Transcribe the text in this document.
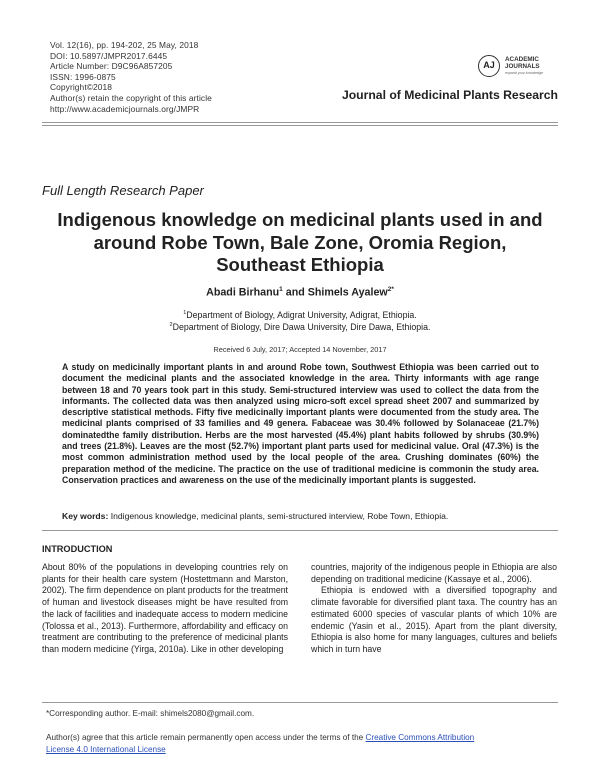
Vol. 12(16), pp. 194-202, 25 May, 2018
DOI: 10.5897/JMPR2017.6445
Article Number: D9C96A857205
ISSN: 1996-0875
Copyright©2018
Author(s) retain the copyright of this article
http://www.academicjournals.org/JMPR
AJ
ACADEMIC
JOURNALS
expand your knowledge
Journal of Medicinal Plants Research
Full Length Research Paper
Indigenous knowledge on medicinal plants used in and
around Robe Town, Bale Zone, Oromia Region,
Southeast Ethiopia
Abadi Birhanu$^1$ and Shimels Ayalew$^{2*}$
$^1$Department of Biology, Adigrat University, Adigrat, Ethiopia.
$^2$Department of Biology, Dire Dawa University, Dire Dawa, Ethiopia.
Received 6 July, 2017; Accepted 14 November, 2017
A study on medicinally important plants in and around Robe town, Southwest Ethiopia was been carried out to document the medicinal plants and the associated knowledge in the area. Thirty informants with age range between 18 and 70 years took part in this study. Semi-structured interview was used to collect the data from the informants. The collected data was then analyzed using micro-soft excel spread sheet 2007 and summarized by descriptive statistical methods. Fifty five medicinally important plants were documented from the study area. The medicinal plants comprised of 33 families and 49 genera. Fabaceae was 30.4% followed by Solanaceae (21.7%) dominatedthe family distribution. Herbs are the most harvested (45.4%) plant habits followed by shrubs (30.9%) and trees (21.8%). Leaves are the most (52.7%) important plant parts used for medicinal value. Oral (47.3%) is the most common administration method used by the local people of the area. Crushing dominates (60%) the preparation method of the medicine. The practice on the use of traditional medicine is commonin the study area. Conservation practices and awareness on the use of the medicinally important plants is suggested.
Key words: Indigenous knowledge, medicinal plants, semi-structured interview, Robe Town, Ethiopia.
INTRODUCTION

About 80% of the populations in developing countries rely on plants for their health care system (Hostettmann and Marston, 2002). The firm dependence on plant products for the treatment of human and livestock diseases might be have resulted from the lack of facilities and inadequate access to modern medicine (Tolossa et al., 2013). Furthermore, affordability and efficacy on treatment are contributing to the preference of medicinal plants than modern medicine (Yirga, 2010a). Like in other developing

countries, majority of the indigenous people in Ethiopia are also depending on traditional medicine (Kassaye et al., 2006).

Ethiopia is endowed with a diversified topography and climate favorable for diversified plant taxa. The country has an estimated 6000 species of vascular plants of which 10% are endemic (Yasin et al., 2015). Apart from the plant diversity, Ethiopia is also home for many languages, cultures and beliefs which in turn have

*Corresponding author. E-mail: shimels2080@gmail.com.
Author(s) agree that this article remain permanently open access under the terms of the Creative Commons Attribution
License 4.0 International License
